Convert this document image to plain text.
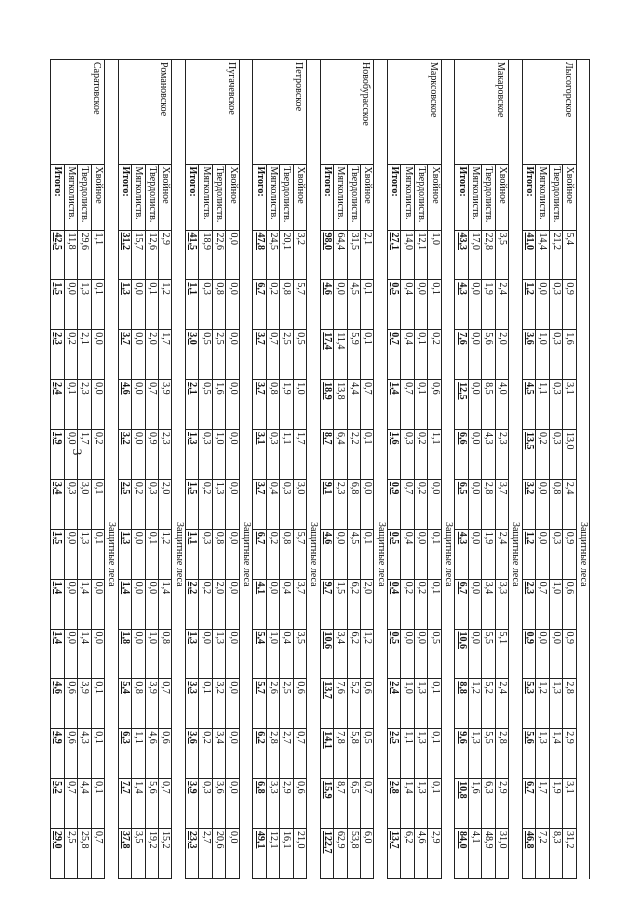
3
		Защитные леса												
Лысогорское	Хвойное	5,4	0,9	1,6	3,1	13,0	2,4	0,9	0,6	0,9	2,8	2,9	3,1	31,2
	Твердолиств.	21,2	0,3	0,3	0,3	0,3	0,8	0,3	1,0	0,0	1,3	1,4	1,9	8,3
	Мягколиств.	14,4	0,0	1,0	1,1	0,2	0,0	0,0	0,7	0,0	1,2	1,3	1,7	7,2
	Итого:	41,0	1,2	3,6	4,5	13,5	3,2	1,2	2,3	0,9	5,3	5,6	6,7	46,8
		Защитные леса												
Макаровское	Хвойное	3,5	2,4	2,0	4,0	2,3	3,7	2,4	3,3	5,1	2,4	2,8	2,9	31,0
	Твердолиств.	22,8	1,9	5,6	8,5	4,3	2,8	1,9	3,4	5,5	5,2	5,5	6,3	48,9
	Мягколиств.	17,0	0,0	0,0	0,0	0,0	0,0	0,0	0,0	0,0	1,2	1,3	1,6	4,1
	Итого:	43,3	4,3	7,6	12,5	6,6	6,5	4,3	6,7	10,6	8,8	9,6	10,8	84,0
		Защитные леса												
Марксовское	Хвойное	1,0	0,1	0,2	0,6	1,1	0,0	0,1	0,1	0,5	0,1	0,1	0,1	2,9
	Твердолиств.	12,1	0,0	0,1	0,1	0,2	0,2	0,0	0,2	0,0	1,3	1,3	1,3	4,6
	Мягколиств.	14,0	0,4	0,4	0,7	0,3	0,7	0,4	0,2	0,0	1,0	1,1	1,4	6,2
	Итого:	27,1	0,5	0,7	1,4	1,6	0,9	0,5	0,4	0,5	2,4	2,5	2,8	13,7
		Защитные леса												
Новобурасское	Хвойное	2,1	0,1	0,1	0,7	0,1	0,0	0,1	2,0	1,2	0,6	0,5	0,7	6,0
	Твердолиств.	31,5	4,5	5,9	4,4	2,2	6,8	4,5	6,2	6,2	5,2	5,8	6,5	53,8
	Мягколиств.	64,4	0,0	11,4	13,8	6,4	2,3	0,0	1,5	3,4	7,6	7,8	8,7	62,9
	Итого:	98,0	4,6	17,4	18,9	8,7	9,1	4,6	9,7	10,6	13,7	14,1	15,9	122,7
		Защитные леса												
Петровское	Хвойное	3,2	5,7	0,5	1,0	1,7	3,0	5,7	3,7	3,5	0,6	0,7	0,6	21,0
	Твердолиств.	20,1	0,8	2,5	1,9	1,1	0,3	0,8	0,4	0,4	2,5	2,7	2,9	16,1
	Мягколиств.	24,5	0,2	0,7	0,8	0,3	0,4	0,2	0,0	1,0	2,6	2,8	3,3	12,1
	Итого:	47,8	6,7	3,7	3,7	3,1	3,7	6,7	4,1	5,4	5,7	6,2	6,8	49,1
		Защитные леса												
Пугачевское	Хвойное	0,0	0,0	0,0	0,0	0,0	0,0	0,0	0,0	0,0	0,0	0,0	0,0	0,0
	Твердолиств.	22,6	0,8	2,5	1,6	1,0	1,3	0,8	2,0	1,3	3,2	3,4	3,6	20,6
	Мягколиств.	18,9	0,3	0,5	0,5	0,3	0,2	0,3	0,2	0,0	0,1	0,2	0,3	2,7
	Итого:	41,5	1,1	3,0	2,1	1,3	1,5	1,1	2,2	1,3	3,3	3,6	3,9	23,3
		Защитные леса												
Романовское	Хвойное	2,9	1,2	1,7	3,9	2,3	2,0	1,2	1,4	0,8	0,7	0,6	0,7	15,2
	Твердолиств.	12,6	0,1	2,0	0,7	0,9	0,3	0,1	0,0	1,0	3,9	4,6	5,6	19,2
	Мягколиств.	15,7	0,0	0,0	0,0	0,0	0,2	0,0	0,0	0,0	0,8	1,1	1,4	3,5
	Итого:	31,2	1,3	3,7	4,6	3,2	2,5	1,3	1,4	1,8	5,4	6,3	7,7	37,8
		Защитные леса												
Саратовское	Хвойное	1,1	0,1	0,0	0,0	0,2	0,1	0,1	0,0	0,0	0,1	0,1	0,1	0,7
	Твердолиств.	29,6	1,3	2,1	2,3	1,7	3,0	1,3	1,4	1,4	3,9	4,3	4,4	25,8
	Мягколиств.	11,8	0,0	0,2	0,1	0,0	0,3	0,0	0,0	0,0	0,6	0,6	0,7	2,5
	Итого:	42,5	1,5	2,3	2,4	1,9	3,4	1,5	1,4	1,4	4,6	4,9	5,2	29,0
